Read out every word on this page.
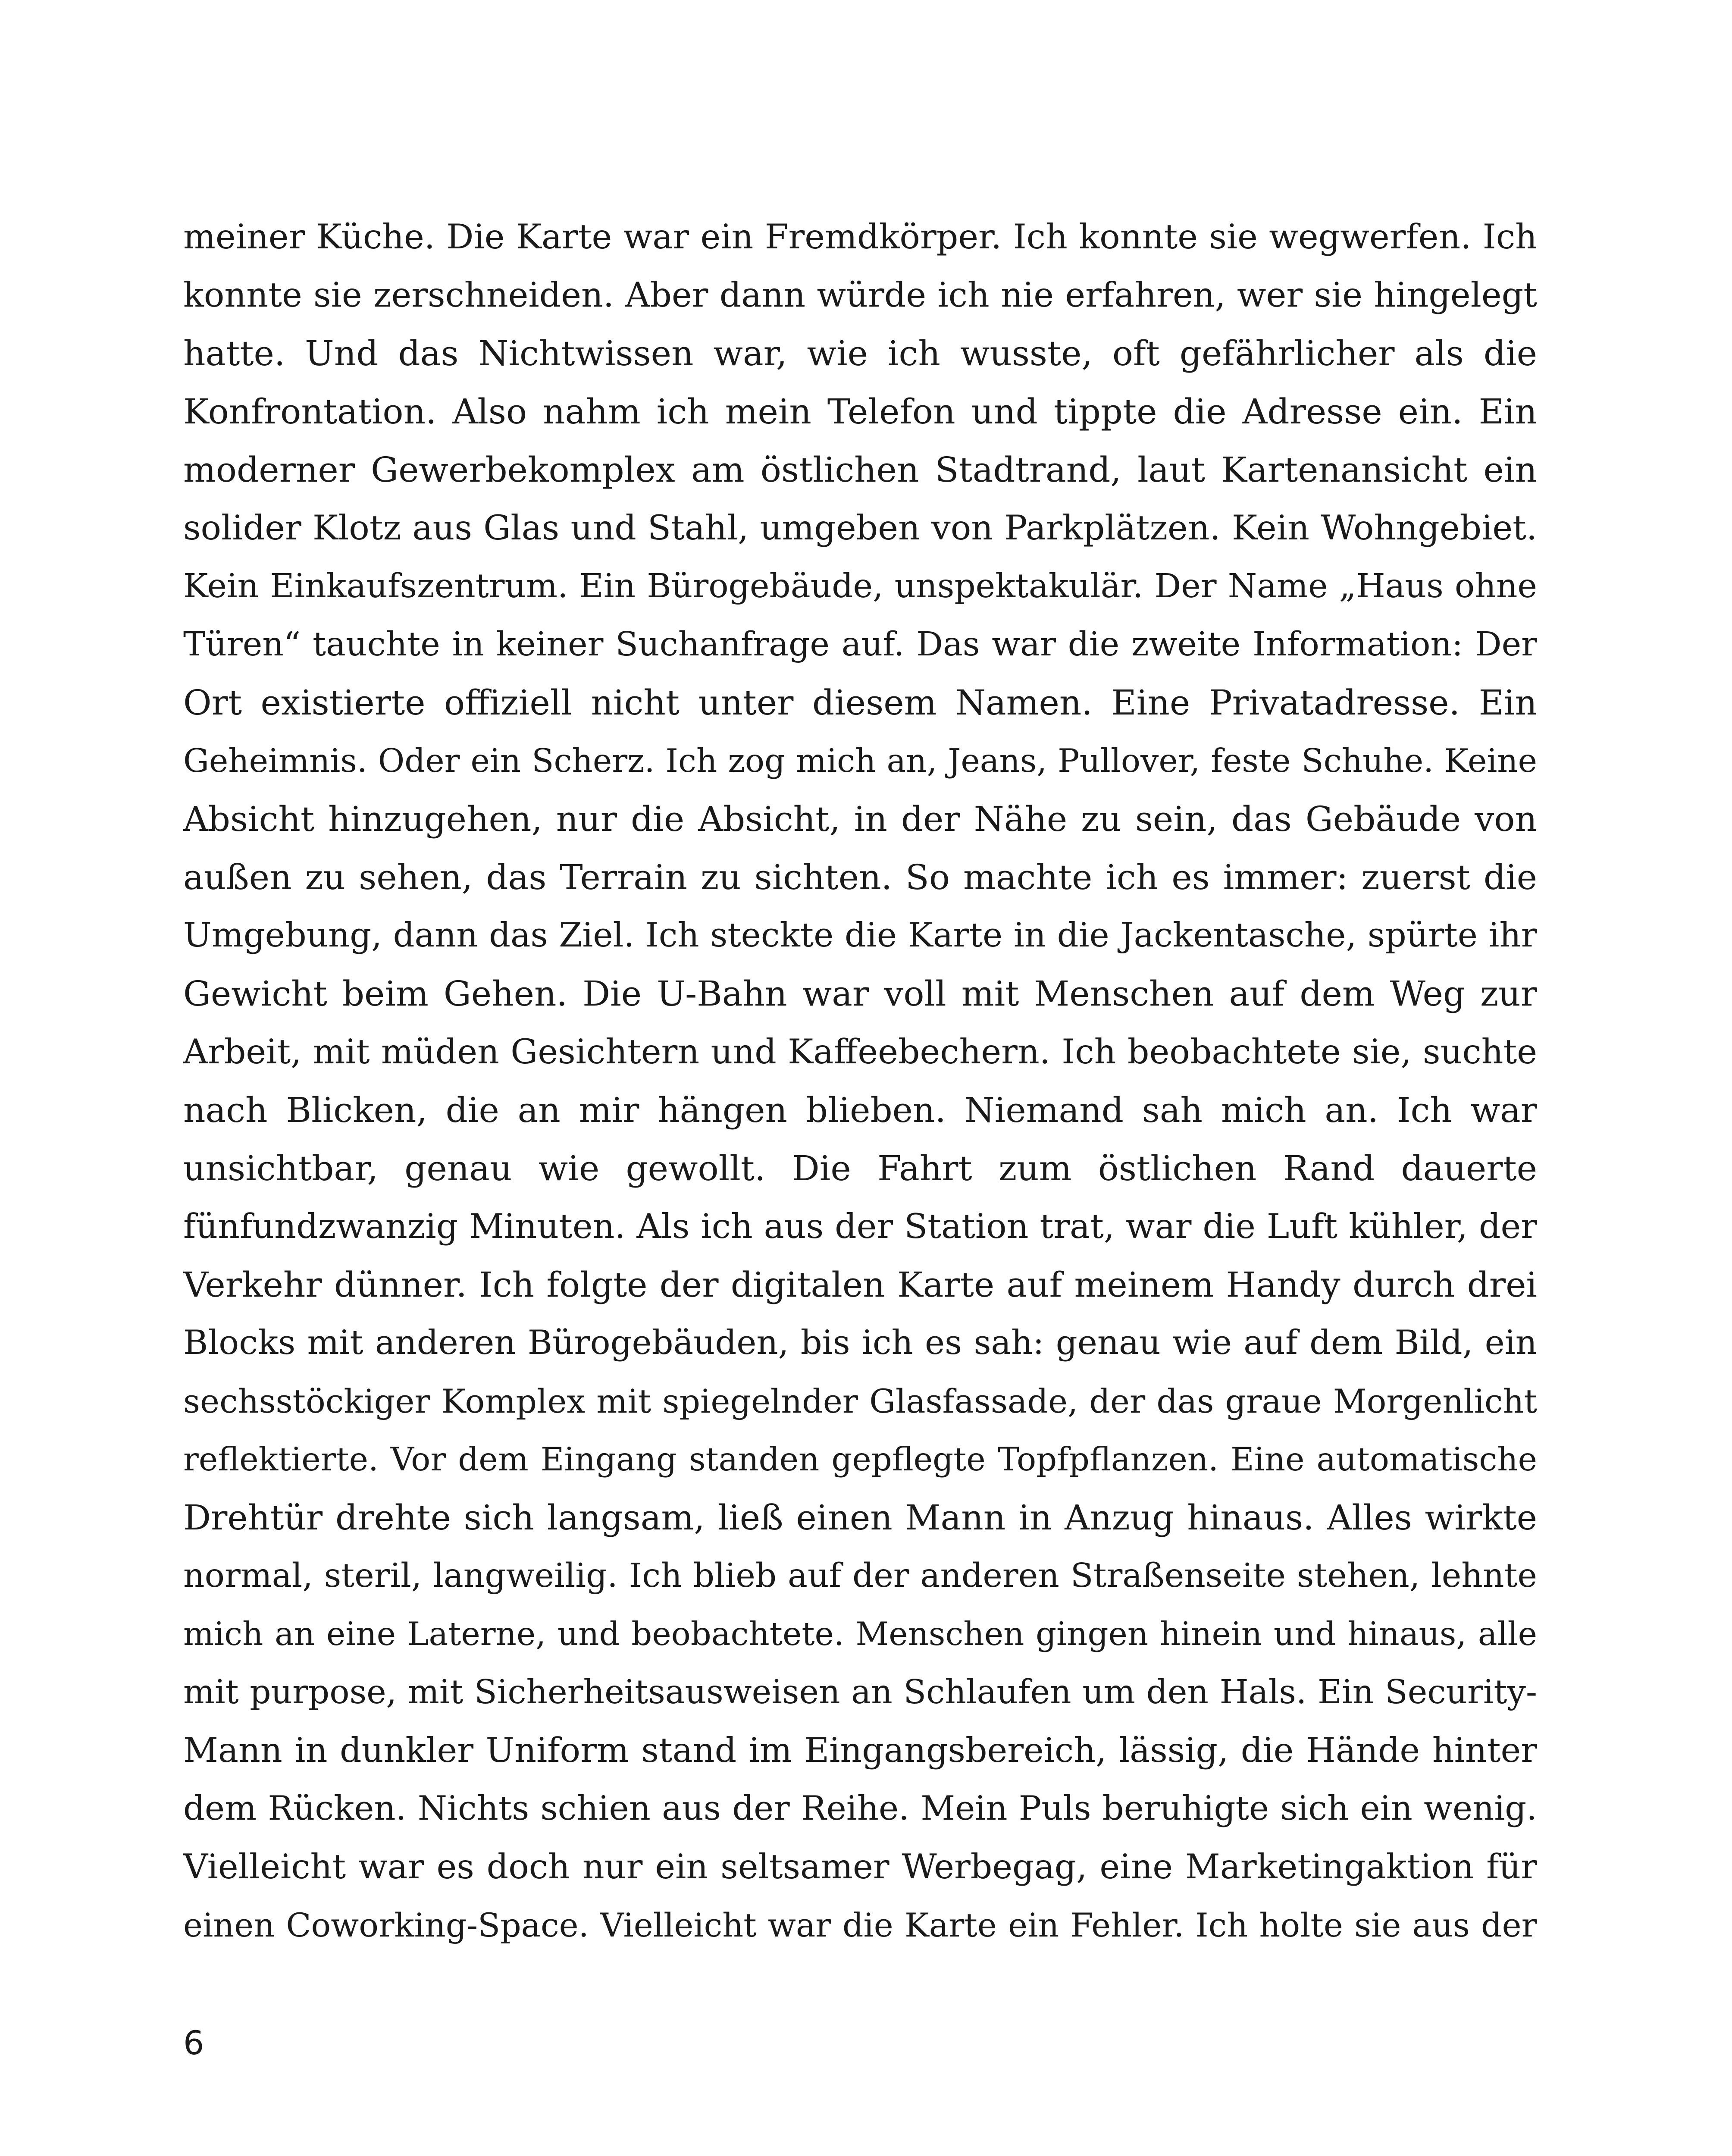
meiner Küche. Die Karte war ein Fremdkörper. Ich konnte sie wegwerfen. Ich
konnte sie zerschneiden. Aber dann würde ich nie erfahren, wer sie hingelegt
hatte. Und das Nichtwissen war, wie ich wusste, oft gefährlicher als die
Konfrontation. Also nahm ich mein Telefon und tippte die Adresse ein. Ein
moderner Gewerbekomplex am östlichen Stadtrand, laut Kartenansicht ein
solider Klotz aus Glas und Stahl, umgeben von Parkplätzen. Kein Wohngebiet.
Kein Einkaufszentrum. Ein Bürogebäude, unspektakulär. Der Name „Haus ohne
Türen“ tauchte in keiner Suchanfrage auf. Das war die zweite Information: Der
Ort existierte offiziell nicht unter diesem Namen. Eine Privatadresse. Ein
Geheimnis. Oder ein Scherz. Ich zog mich an, Jeans, Pullover, feste Schuhe. Keine
Absicht hinzugehen, nur die Absicht, in der Nähe zu sein, das Gebäude von
außen zu sehen, das Terrain zu sichten. So machte ich es immer: zuerst die
Umgebung, dann das Ziel. Ich steckte die Karte in die Jackentasche, spürte ihr
Gewicht beim Gehen. Die U-Bahn war voll mit Menschen auf dem Weg zur
Arbeit, mit müden Gesichtern und Kaffeebechern. Ich beobachtete sie, suchte
nach Blicken, die an mir hängen blieben. Niemand sah mich an. Ich war
unsichtbar, genau wie gewollt. Die Fahrt zum östlichen Rand dauerte
fünfundzwanzig Minuten. Als ich aus der Station trat, war die Luft kühler, der
Verkehr dünner. Ich folgte der digitalen Karte auf meinem Handy durch drei
Blocks mit anderen Bürogebäuden, bis ich es sah: genau wie auf dem Bild, ein
sechsstöckiger Komplex mit spiegelnder Glasfassade, der das graue Morgenlicht
reflektierte. Vor dem Eingang standen gepflegte Topfpflanzen. Eine automatische
Drehtür drehte sich langsam, ließ einen Mann in Anzug hinaus. Alles wirkte
normal, steril, langweilig. Ich blieb auf der anderen Straßenseite stehen, lehnte
mich an eine Laterne, und beobachtete. Menschen gingen hinein und hinaus, alle
mit purpose, mit Sicherheitsausweisen an Schlaufen um den Hals. Ein Security-
Mann in dunkler Uniform stand im Eingangsbereich, lässig, die Hände hinter
dem Rücken. Nichts schien aus der Reihe. Mein Puls beruhigte sich ein wenig.
Vielleicht war es doch nur ein seltsamer Werbegag, eine Marketingaktion für
einen Coworking-Space. Vielleicht war die Karte ein Fehler. Ich holte sie aus der
6
